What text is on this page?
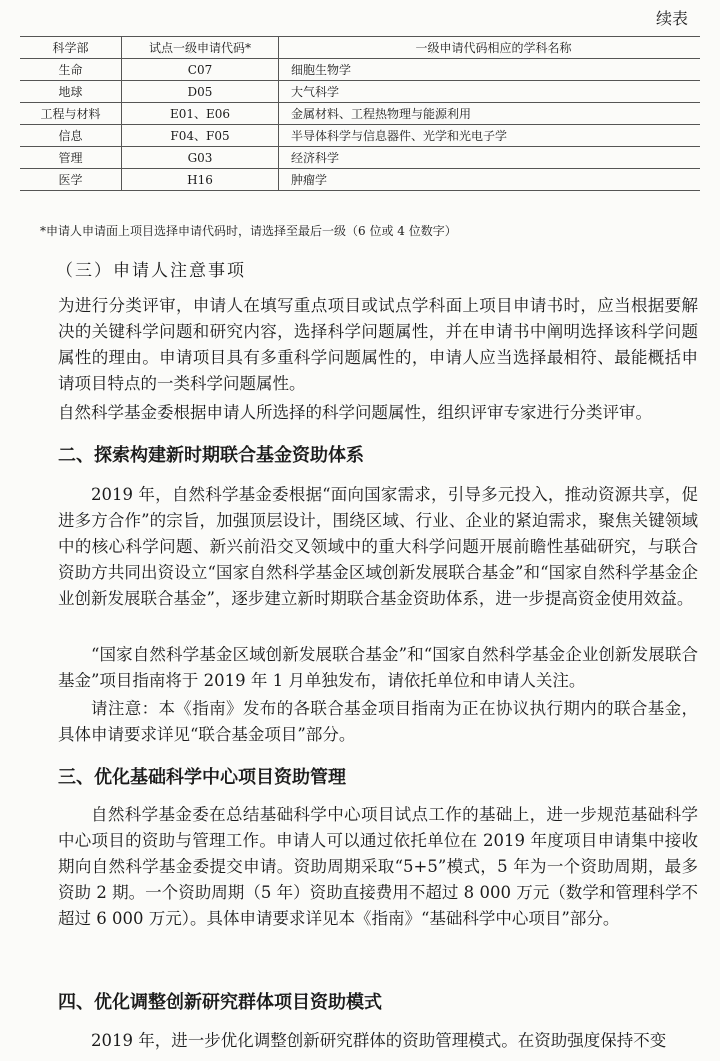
续表
科学部	试点一级申请代码*	一级申请代码相应的学科名称
生命	C07	细胞生物学
地球	D05	大气科学
工程与材料	E01、E06	金属材料、工程热物理与能源利用
信息	F04、F05	半导体科学与信息器件、光学和光电子学
管理	G03	经济科学
医学	H16	肿瘤学
*申请人申请面上项目选择申请代码时，请选择至最后一级（6 位或 4 位数字）
（三）申请人注意事项
为进行分类评审，申请人在填写重点项目或试点学科面上项目申请书时，应当根据要解决的关键科学问题和研究内容，选择科学问题属性，并在申请书中阐明选择该科学问题属性的理由。申请项目具有多重科学问题属性的，申请人应当选择最相符、最能概括申请项目特点的一类科学问题属性。
自然科学基金委根据申请人所选择的科学问题属性，组织评审专家进行分类评审。
二、探索构建新时期联合基金资助体系
2019 年，自然科学基金委根据“面向国家需求，引导多元投入，推动资源共享，促进多方合作”的宗旨，加强顶层设计，围绕区域、行业、企业的紧迫需求，聚焦关键领域中的核心科学问题、新兴前沿交叉领域中的重大科学问题开展前瞻性基础研究，与联合资助方共同出资设立“国家自然科学基金区域创新发展联合基金”和“国家自然科学基金企业创新发展联合基金”，逐步建立新时期联合基金资助体系，进一步提高资金使用效益。
“国家自然科学基金区域创新发展联合基金”和“国家自然科学基金企业创新发展联合基金”项目指南将于 2019 年 1 月单独发布，请依托单位和申请人关注。
请注意：本《指南》发布的各联合基金项目指南为正在协议执行期内的联合基金，具体申请要求详见“联合基金项目”部分。
三、优化基础科学中心项目资助管理
自然科学基金委在总结基础科学中心项目试点工作的基础上，进一步规范基础科学中心项目的资助与管理工作。申请人可以通过依托单位在 2019 年度项目申请集中接收期向自然科学基金委提交申请。资助周期采取“5+5”模式，5 年为一个资助周期，最多资助 2 期。一个资助周期（5 年）资助直接费用不超过 8 000 万元（数学和管理科学不超过 6 000 万元）。具体申请要求详见本《指南》“基础科学中心项目”部分。
四、优化调整创新研究群体项目资助模式
2019 年，进一步优化调整创新研究群体的资助管理模式。在资助强度保持不变
